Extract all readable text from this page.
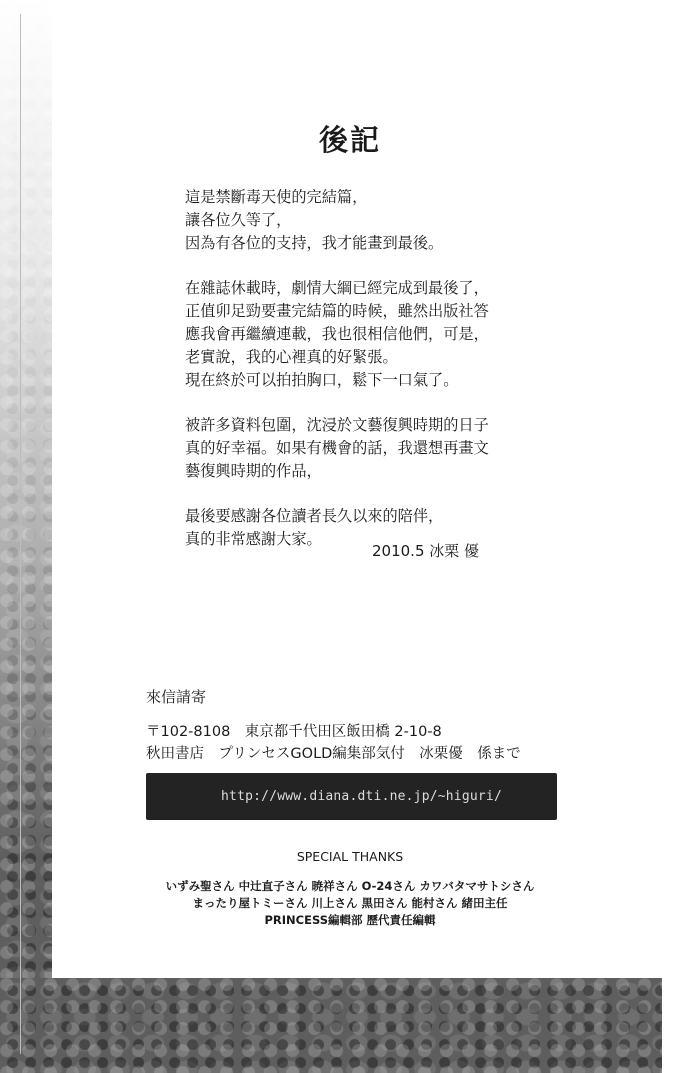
後記
這是禁斷毒天使的完結篇，
讓各位久等了，
因為有各位的支持，我才能畫到最後。
在雜誌休載時，劇情大綱已經完成到最後了，
正值卯足勁要畫完結篇的時候，雖然出版社答
應我會再繼續連載，我也很相信他們，可是，
老實說，我的心裡真的好緊張。
現在終於可以拍拍胸口，鬆下一口氣了。
被許多資料包圍，沈浸於文藝復興時期的日子
真的好幸福。如果有機會的話，我還想再畫文
藝復興時期的作品，
最後要感謝各位讀者長久以來的陪伴，
真的非常感謝大家。
2010.5 冰栗 優
來信請寄
〒102-8108　東京都千代田区飯田橋 2-10-8
秋田書店　プリンセスGOLD編集部気付　冰栗優　係まで
http://www.diana.dti.ne.jp/~higuri/
SPECIAL THANKS
いずみ聖さん 中辻直子さん 暁祥さん O-24さん カワバタマサトシさん
まったり屋トミーさん 川上さん 黒田さん 能村さん 緒田主任
PRINCESS編輯部 歷代責任編輯
